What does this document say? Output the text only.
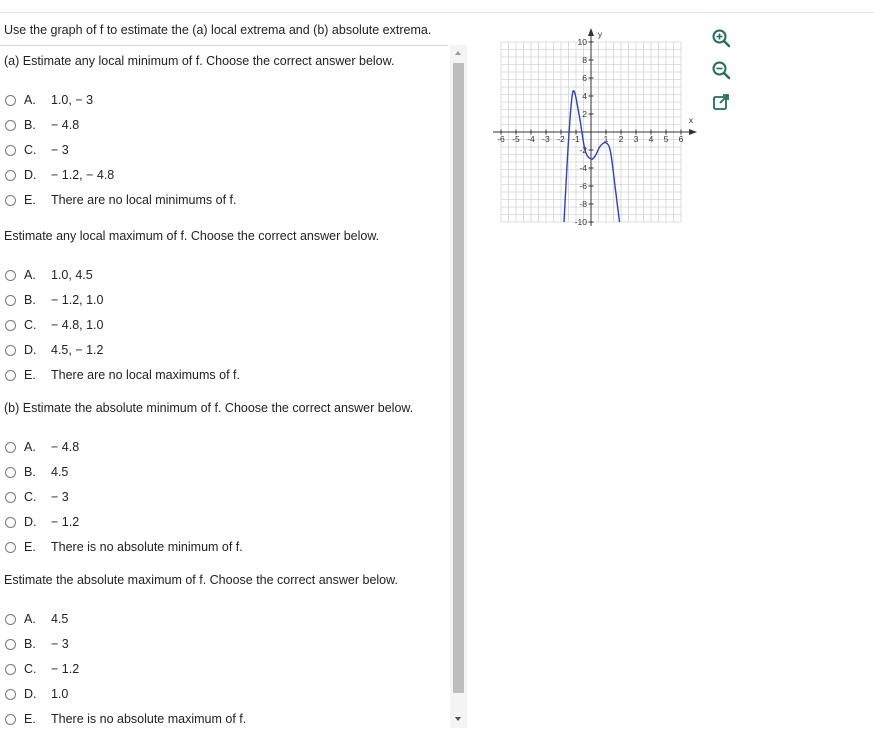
Use the graph of f to estimate the (a) local extrema and (b) absolute extrema.
(a) Estimate any local minimum of f. Choose the correct answer below.
A.	1.0, − 3
B.	− 4.8
C.	− 3
D.	− 1.2, − 4.8
E.	There are no local minimums of f.
Estimate any local maximum of f. Choose the correct answer below.
A.	1.0, 4.5
B.	− 1.2, 1.0
C.	− 4.8, 1.0
D.	4.5, − 1.2
E.	There are no local maximums of f.
(b) Estimate the absolute minimum of f. Choose the correct answer below.
A.	− 4.8
B.	4.5
C.	− 3
D.	− 1.2
E.	There is no absolute minimum of f.
Estimate the absolute maximum of f. Choose the correct answer below.
A.	4.5
B.	− 3
C.	− 1.2
D.	1.0
E.	There is no absolute maximum of f.
-6 -5 -4 -3 -2 -1	1 2 3 4 5 6
10
8
6
4
2
-2
-4
-6
-8
-10
x
y
